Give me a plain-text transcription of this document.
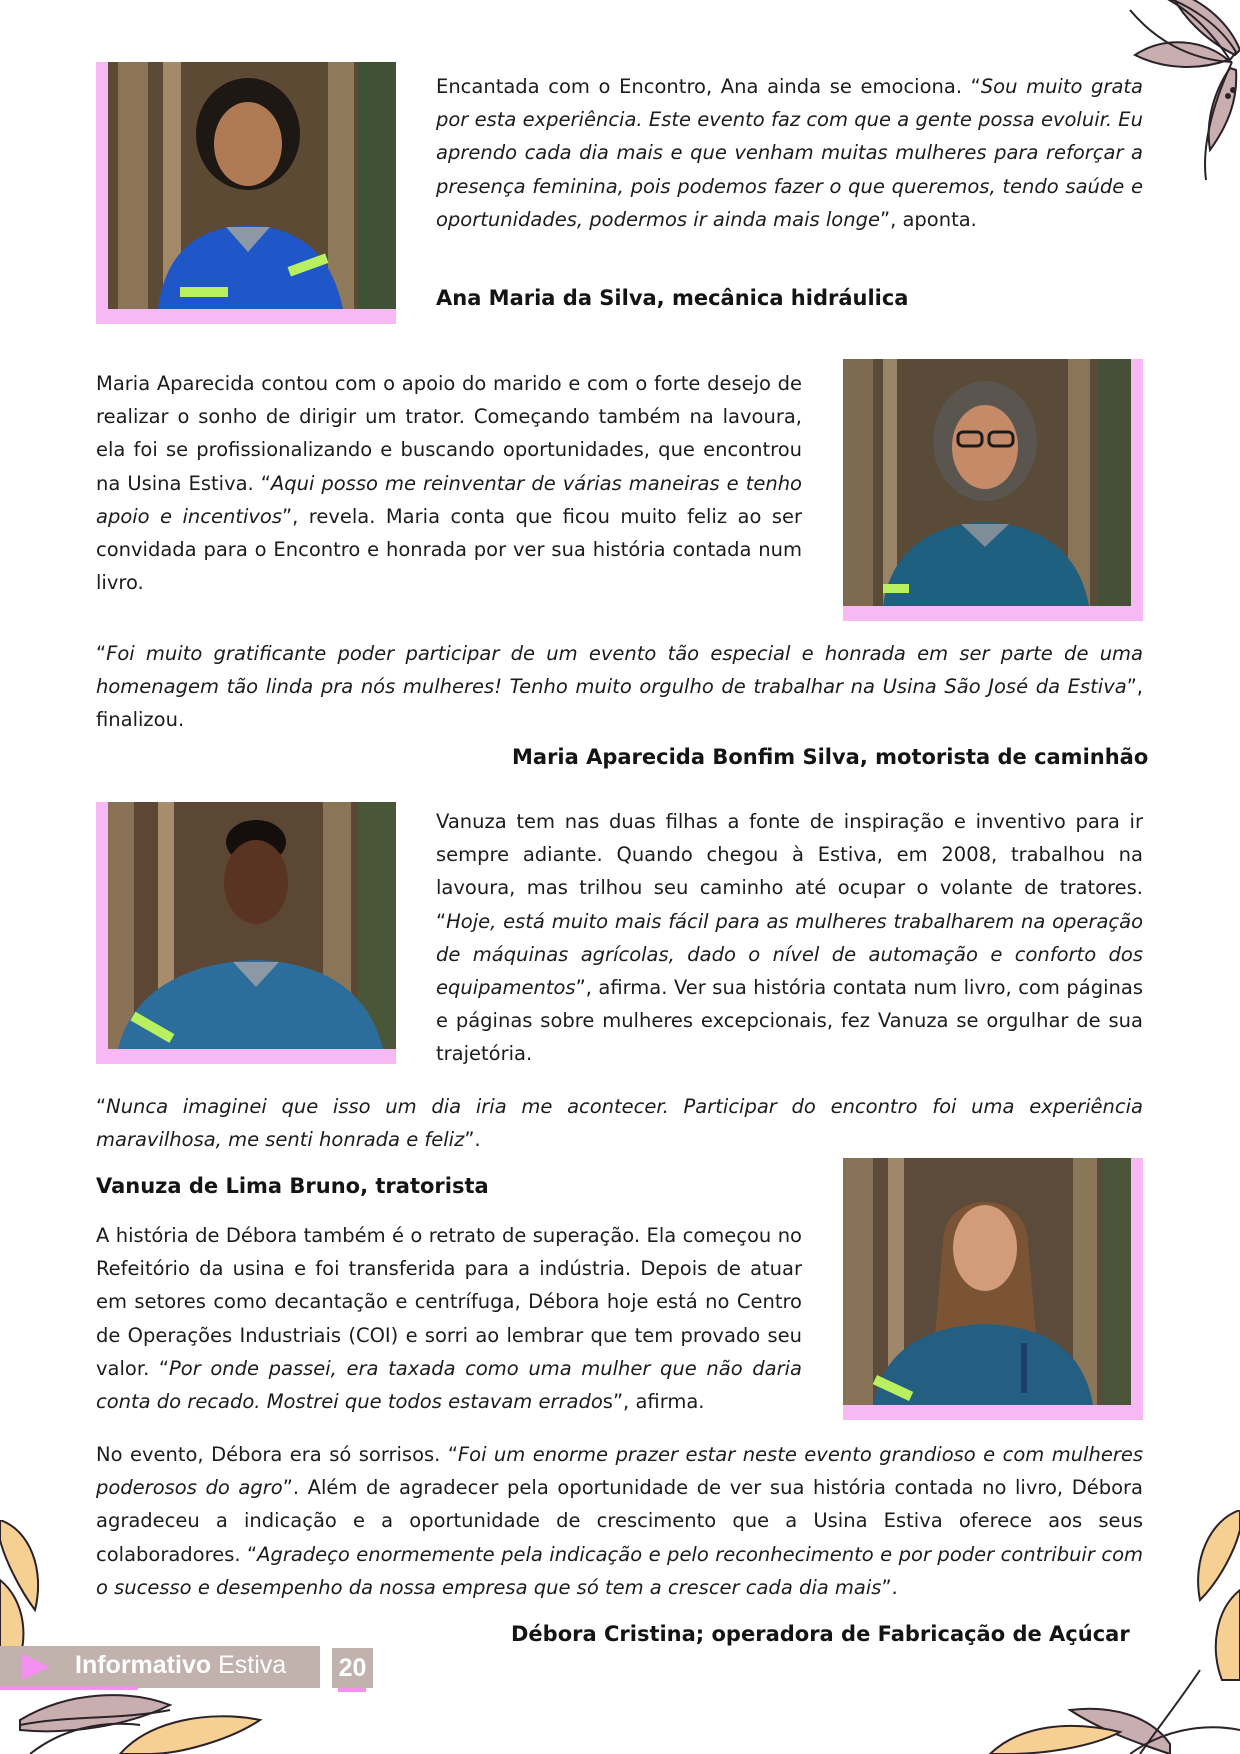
Encantada com o Encontro, Ana ainda se emociona. “Sou muito grata por esta experiência. Este evento faz com que a gente possa evoluir. Eu aprendo cada dia mais e que venham muitas mulheres para reforçar a presença feminina, pois podemos fazer o que queremos, tendo saúde e oportunidades, podermos ir ainda mais longe”, aponta.

Ana Maria da Silva, mecânica hidráulica

Maria Aparecida contou com o apoio do marido e com o forte desejo de realizar o sonho de dirigir um trator. Começando também na lavoura, ela foi se profissionalizando e buscando oportunidades, que encontrou na Usina Estiva. “Aqui posso me reinventar de várias maneiras e tenho apoio e incentivos”, revela. Maria conta que ficou muito feliz ao ser convidada para o Encontro e honrada por ver sua história contada num livro.

“Foi muito gratificante poder participar de um evento tão especial e honrada em ser parte de uma homenagem tão linda pra nós mulheres! Tenho muito orgulho de trabalhar na Usina São José da Estiva”, finalizou.

Maria Aparecida Bonfim Silva, motorista de caminhão

Vanuza tem nas duas filhas a fonte de inspiração e inventivo para ir sempre adiante. Quando chegou à Estiva, em 2008, trabalhou na lavoura, mas trilhou seu caminho até ocupar o volante de tratores. “Hoje, está muito mais fácil para as mulheres trabalharem na operação de máquinas agrícolas, dado o nível de automação e conforto dos equipamentos”, afirma. Ver sua história contata num livro, com páginas e páginas sobre mulheres excepcionais, fez Vanuza se orgulhar de sua trajetória.

“Nunca imaginei que isso um dia iria me acontecer. Participar do encontro foi uma experiência maravilhosa, me senti honrada e feliz”.

Vanuza de Lima Bruno, tratorista

A história de Débora também é o retrato de superação. Ela começou no Refeitório da usina e foi transferida para a indústria. Depois de atuar em setores como decantação e centrífuga, Débora hoje está no Centro de Operações Industriais (COI) e sorri ao lembrar que tem provado seu valor. “Por onde passei, era taxada como uma mulher que não daria conta do recado. Mostrei que todos estavam errados”, afirma.

No evento, Débora era só sorrisos. “Foi um enorme prazer estar neste evento grandioso e com mulheres poderosos do agro”. Além de agradecer pela oportunidade de ver sua história contada no livro, Débora agradeceu a indicação e a oportunidade de crescimento que a Usina Estiva oferece aos seus colaboradores. “Agradeço enormemente pela indicação e pelo reconhecimento e por poder contribuir com o sucesso e desempenho da nossa empresa que só tem a crescer cada dia mais”.

Débora Cristina; operadora de Fabricação de Açúcar

Informativo Estiva 20
